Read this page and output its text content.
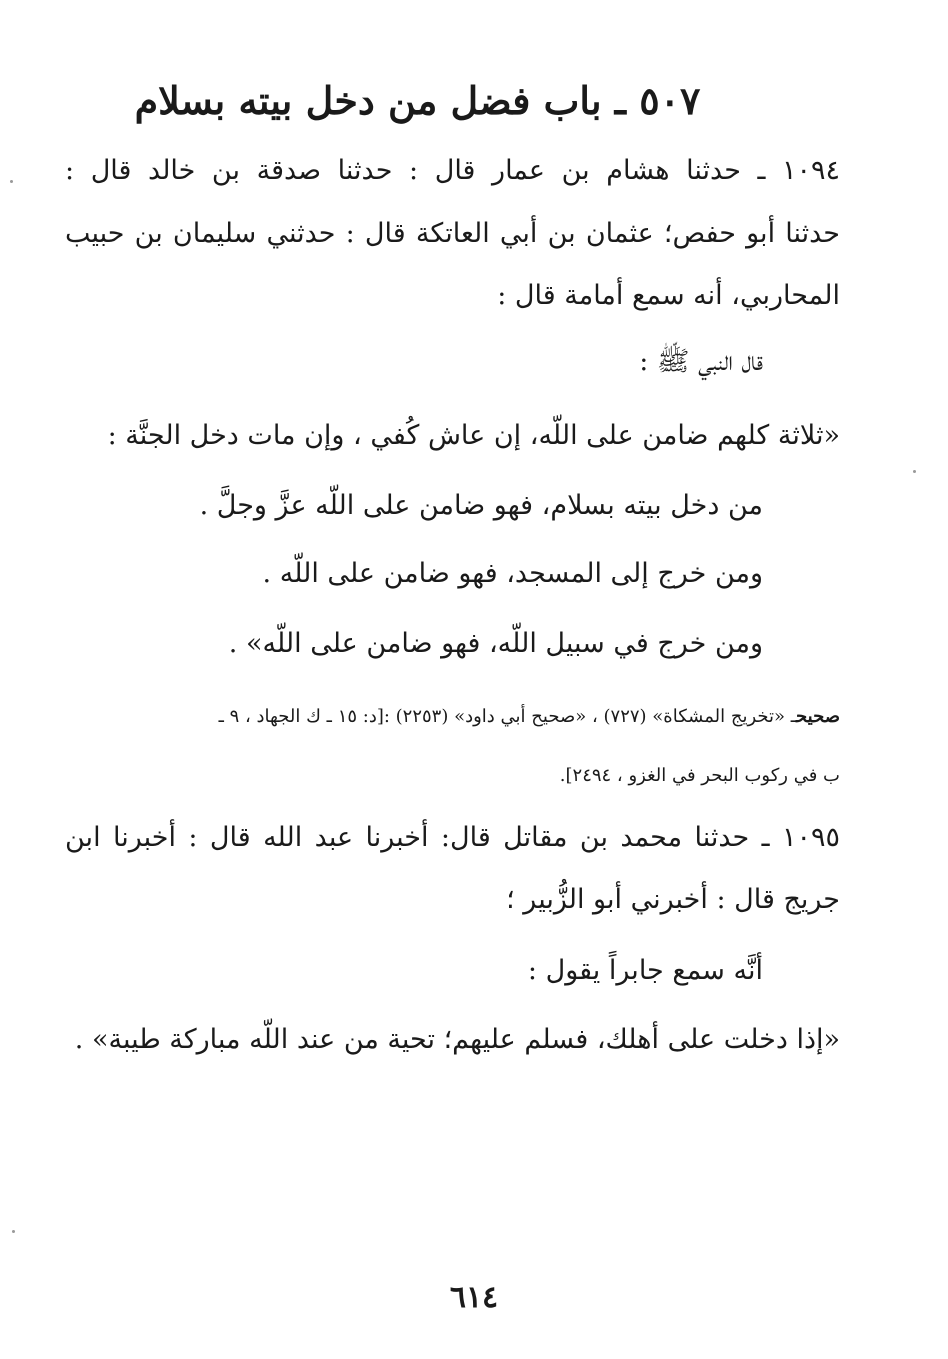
٥٠٧ ـ باب فضل من دخل بيته بسلام
١٠٩٤ ـ حدثنا هشام بن عمار قال : حدثنا صدقة بن خالد قال :
حدثنا أبو حفص؛ عثمان بن أبي العاتكة قال : حدثني سليمان بن حبيب
المحاربي، أنه سمع أمامة قال :
قال النبي ﷺ :
«ثلاثة كلهم ضامن على اللّه، إن عاش كُفي ، وإن مات دخل الجنَّة :
من دخل بيته بسلام، فهو ضامن على اللّه عزَّ وجلَّ .
ومن خرج إلى المسجد، فهو ضامن على اللّه .
ومن خرج في سبيل اللّه، فهو ضامن على اللّه» .
صحيحـ «تخريج المشكاة» (٧٢٧) ، «صحيح أبي داود» (٢٢٥٣) :[د: ١٥ ـ ك الجهاد ، ٩ ـ
ب في ركوب البحر في الغزو ، ٢٤٩٤].
١٠٩٥ ـ حدثنا محمد بن مقاتل قال: أخبرنا عبد الله قال : أخبرنا ابن
جريج قال : أخبرني أبو الزُّبير ؛
أنَّه سمع جابراً يقول :
«إذا دخلت على أهلك، فسلم عليهم؛ تحية من عند اللّه مباركة طيبة» .
٦١٤
